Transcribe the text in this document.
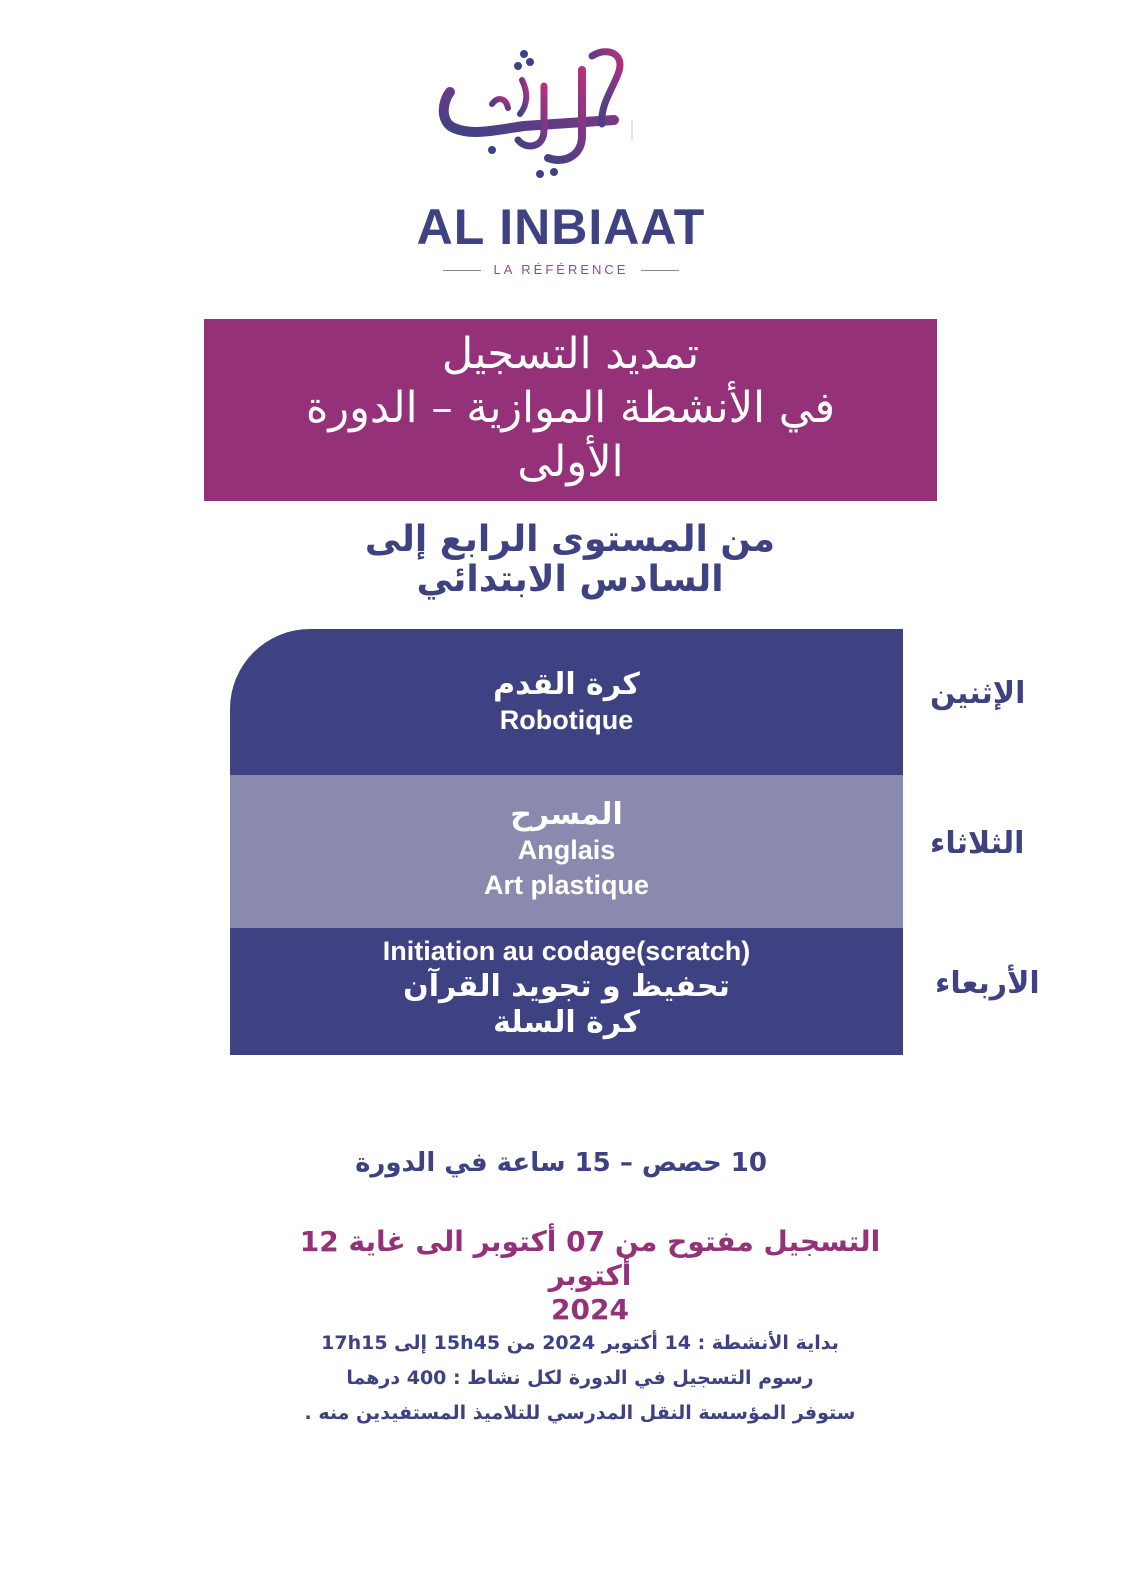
AL INBIAAT
LA RÉFÉRENCE
تمديد التسجيل
في الأنشطة الموازية – الدورة
الأولى
من المستوى الرابع إلى
السادس الابتدائي
كرة القدم
Robotique
المسرح
Anglais
Art plastique
Initiation au codage(scratch)
تحفيظ و تجويد القرآن
كرة السلة
الإثنين
الثلاثاء
الأربعاء
10 حصص – 15 ساعة في الدورة
التسجيل مفتوح من 07 أكتوبر الى غاية 12 أكتوبر
2024
بداية الأنشطة : 14 أكتوبر 2024 من 15h45 إلى 17h15
رسوم التسجيل في الدورة لكل نشاط : 400 درهما
ستوفر المؤسسة النقل المدرسي للتلاميذ المستفيدين منه .
